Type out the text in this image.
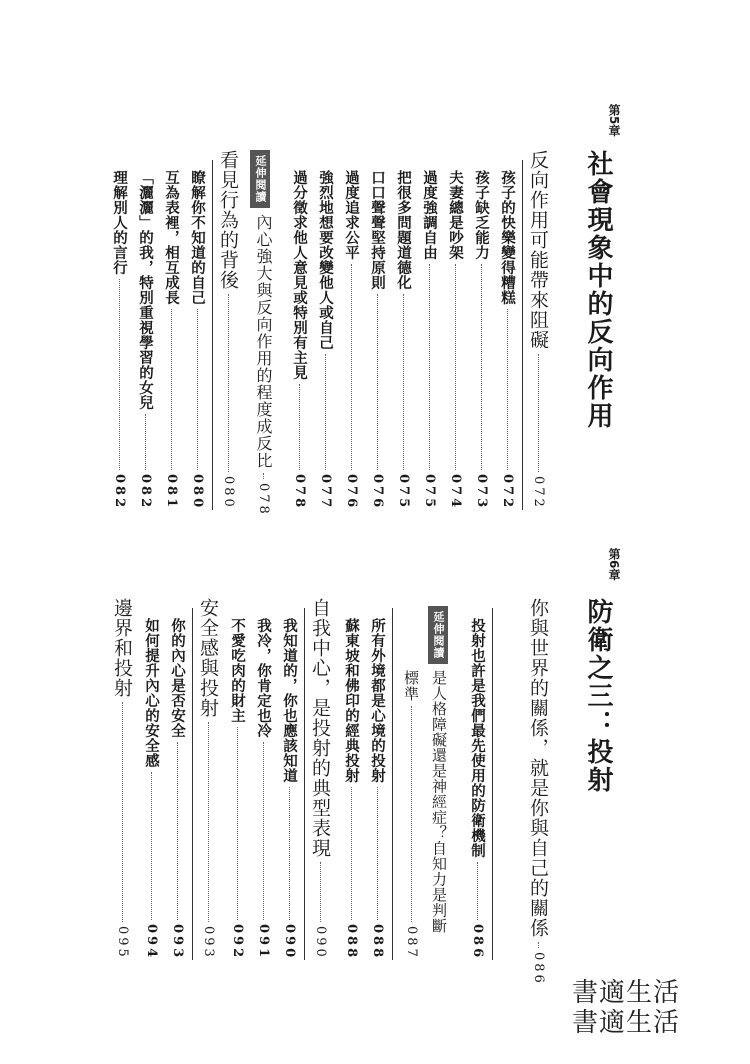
第5章
社會現象中的反向作用
反向作用可能帶來阻礙
072
孩子的快樂變得糟糕
072
孩子缺乏能力
073
夫妻總是吵架
074
過度強調自由
075
把很多問題道德化
075
口口聲聲堅持原則
076
過度追求公平
076
強烈地想要改變他人或自己
077
過分徵求他人意見或特別有主見
078
延伸閱讀
內心強大與反向作用的程度成反比
078
看見行為的背後
080
瞭解你不知道的自己
080
互為表裡，相互成長
081
「灑灑」的我，特別重視學習的女兒
082
理解別人的言行
082
第6章
防衛之三：投射
你與世界的關係，就是你與自己的關係
086
投射也許是我們最先使用的防衛機制
086
延伸閱讀
是人格障礙還是神經症？自知力是判斷
標準
087
所有外境都是心境的投射
088
蘇東坡和佛印的經典投射
088
自我中心，是投射的典型表現
090
我知道的，你也應該知道
090
我冷，你肯定也冷
091
不愛吃肉的財主
092
安全感與投射
093
你的內心是否安全
093
如何提升內心的安全感
094
邊界和投射
095
書適生活
書適生活
